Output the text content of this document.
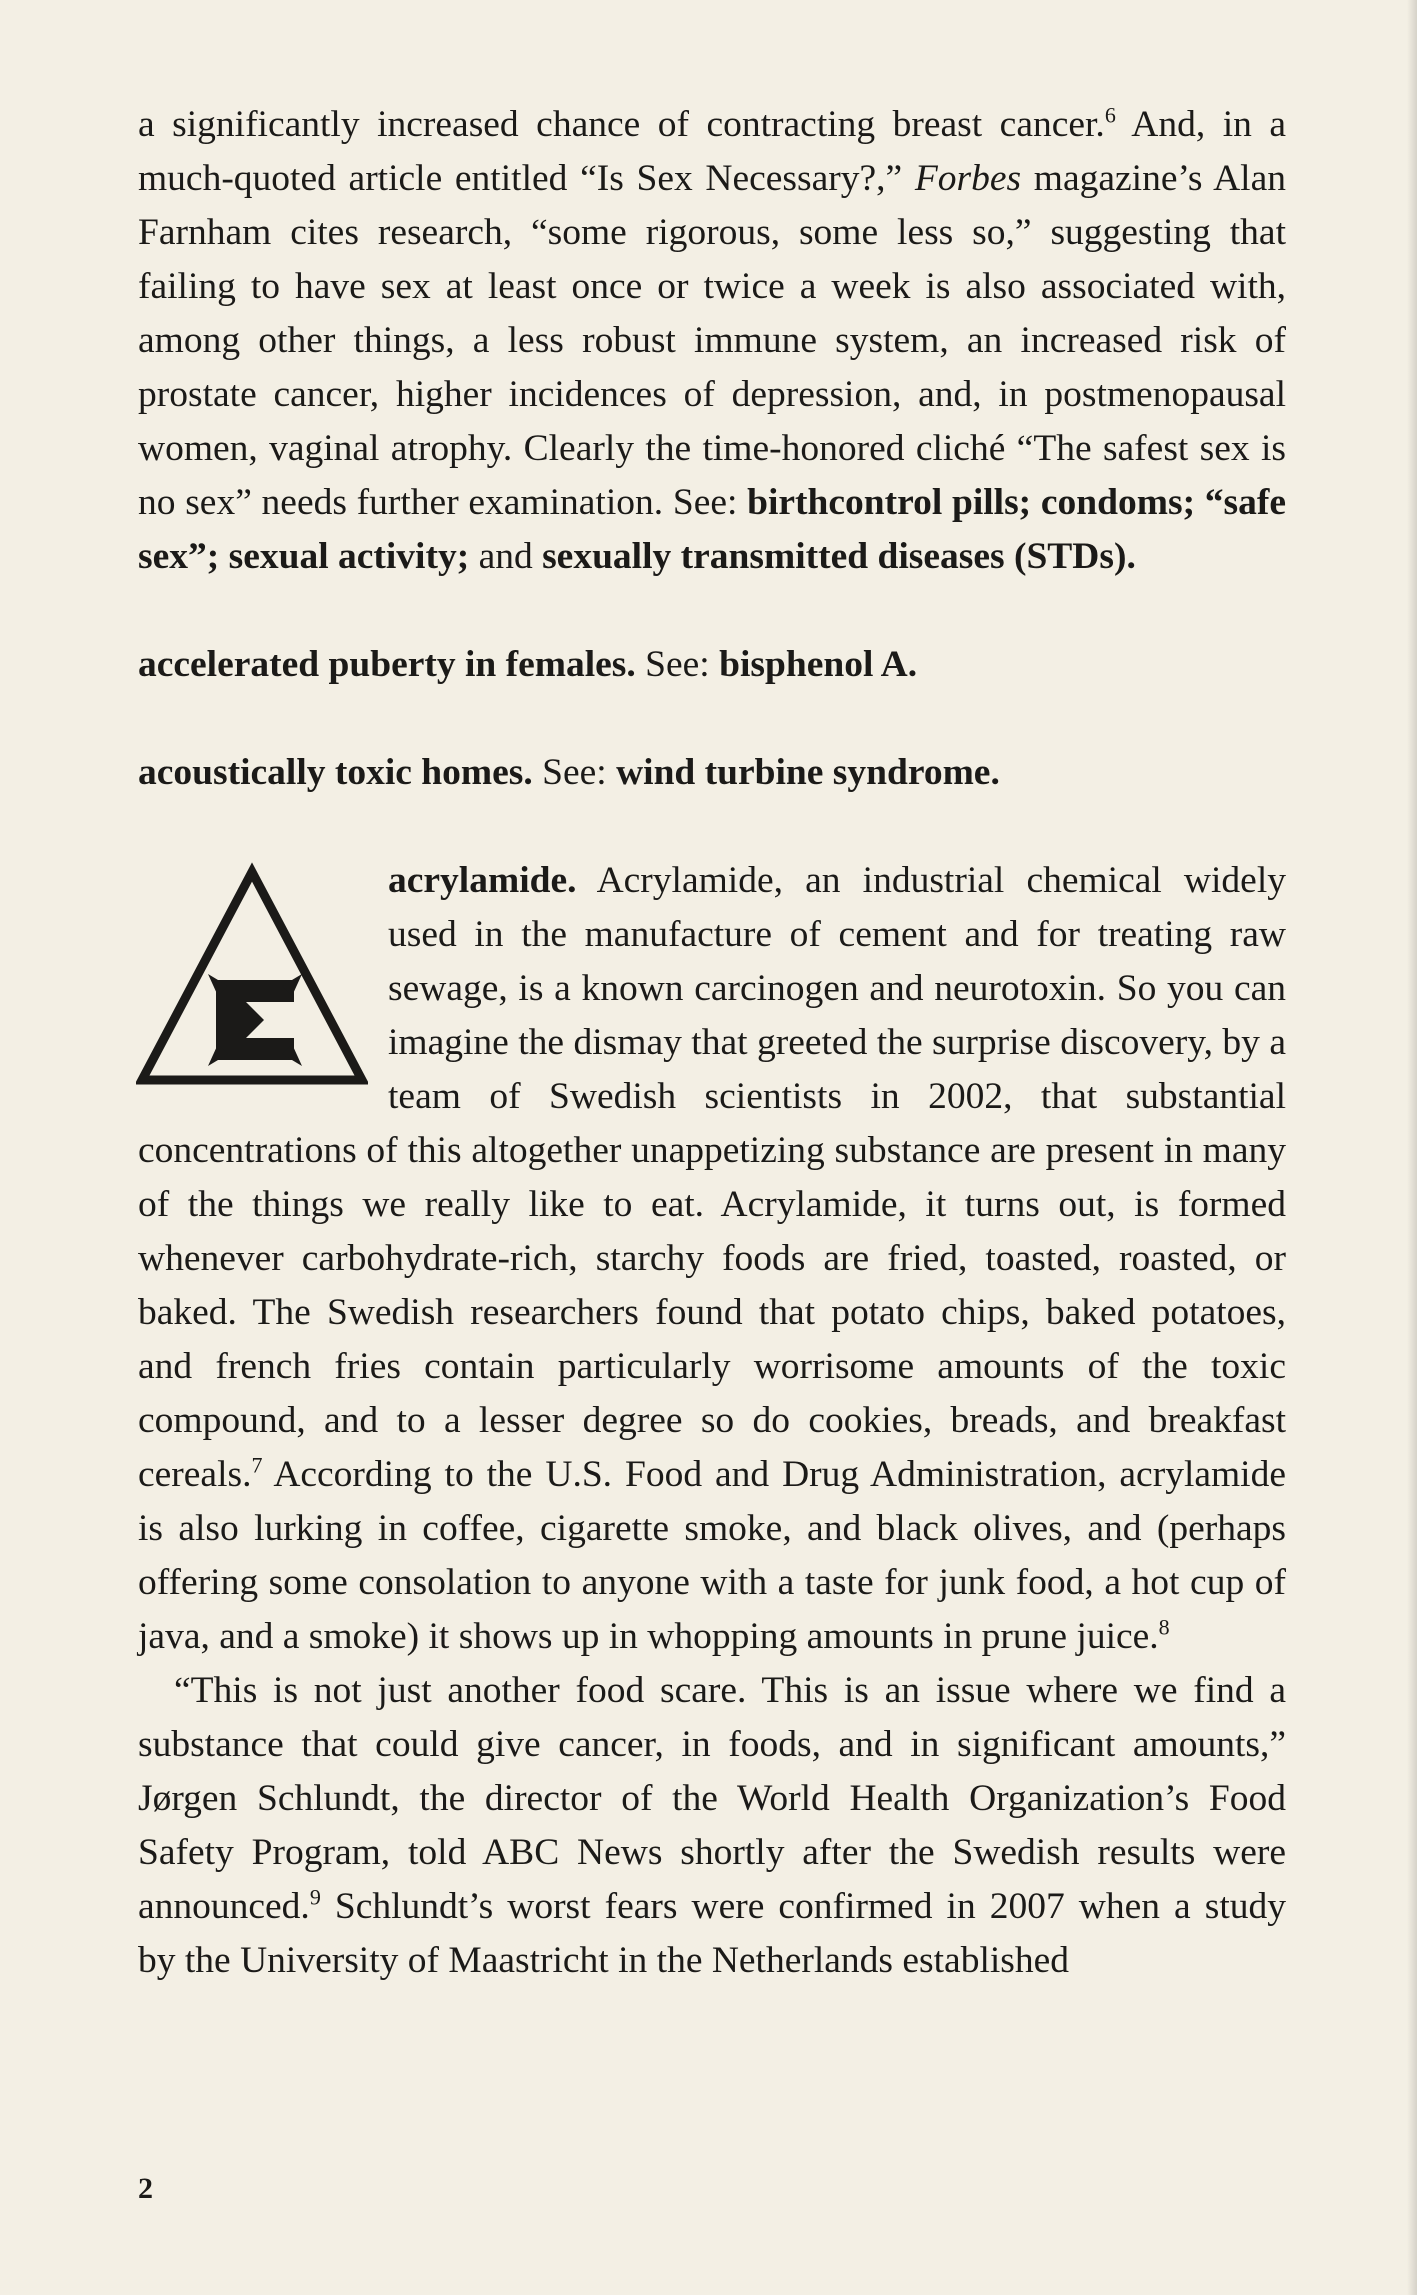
a significantly increased chance of contracting breast cancer.$^6$ And, in a much-quoted article entitled “Is Sex Necessary?,” Forbes magazine’s Alan Farnham cites research, “some rigorous, some less so,” suggesting that failing to have sex at least once or twice a week is also associated with, among other things, a less robust immune system, an increased risk of prostate cancer, higher incidences of depression, and, in postmenopausal women, vaginal atrophy. Clearly the time-honored cliché “The safest sex is no sex” needs further examination. See: birthcontrol pills; condoms; “safe sex”; sexual activity; and sexually transmitted diseases (STDs).

accelerated puberty in females. See: bisphenol A.

acoustically toxic homes. See: wind turbine syndrome.

acrylamide.
Acrylamide, an industrial chemical widely used in the manufacture of cement and for treating raw sewage, is a known carcinogen and neurotoxin. So you can imagine the dismay that greeted the surprise discovery, by a team of Swedish scientists in 2002, that substantial concentrations of this altogether unappetizing substance are present in many of the things we really like to eat. Acrylamide, it turns out, is formed whenever carbohydrate-rich, starchy foods are fried, toasted, roasted, or baked. The Swedish researchers found that potato chips, baked potatoes, and french fries contain particularly worrisome amounts of the toxic compound, and to a lesser degree so do cookies, breads, and breakfast cereals.$^7$ According to the U.S. Food and Drug Administration, acrylamide is also lurking in coffee, cigarette smoke, and black olives, and (perhaps offering some consolation to anyone with a taste for junk food, a hot cup of java, and a smoke) it shows up in whopping amounts in prune juice.$^8$

“This is not just another food scare. This is an issue where we find a substance that could give cancer, in foods, and in significant amounts,” Jørgen Schlundt, the director of the World Health Organization’s Food Safety Program, told ABC News shortly after the Swedish results were announced.$^9$ Schlundt’s worst fears were confirmed in 2007 when a study by the University of Maastricht in the Netherlands established

2
